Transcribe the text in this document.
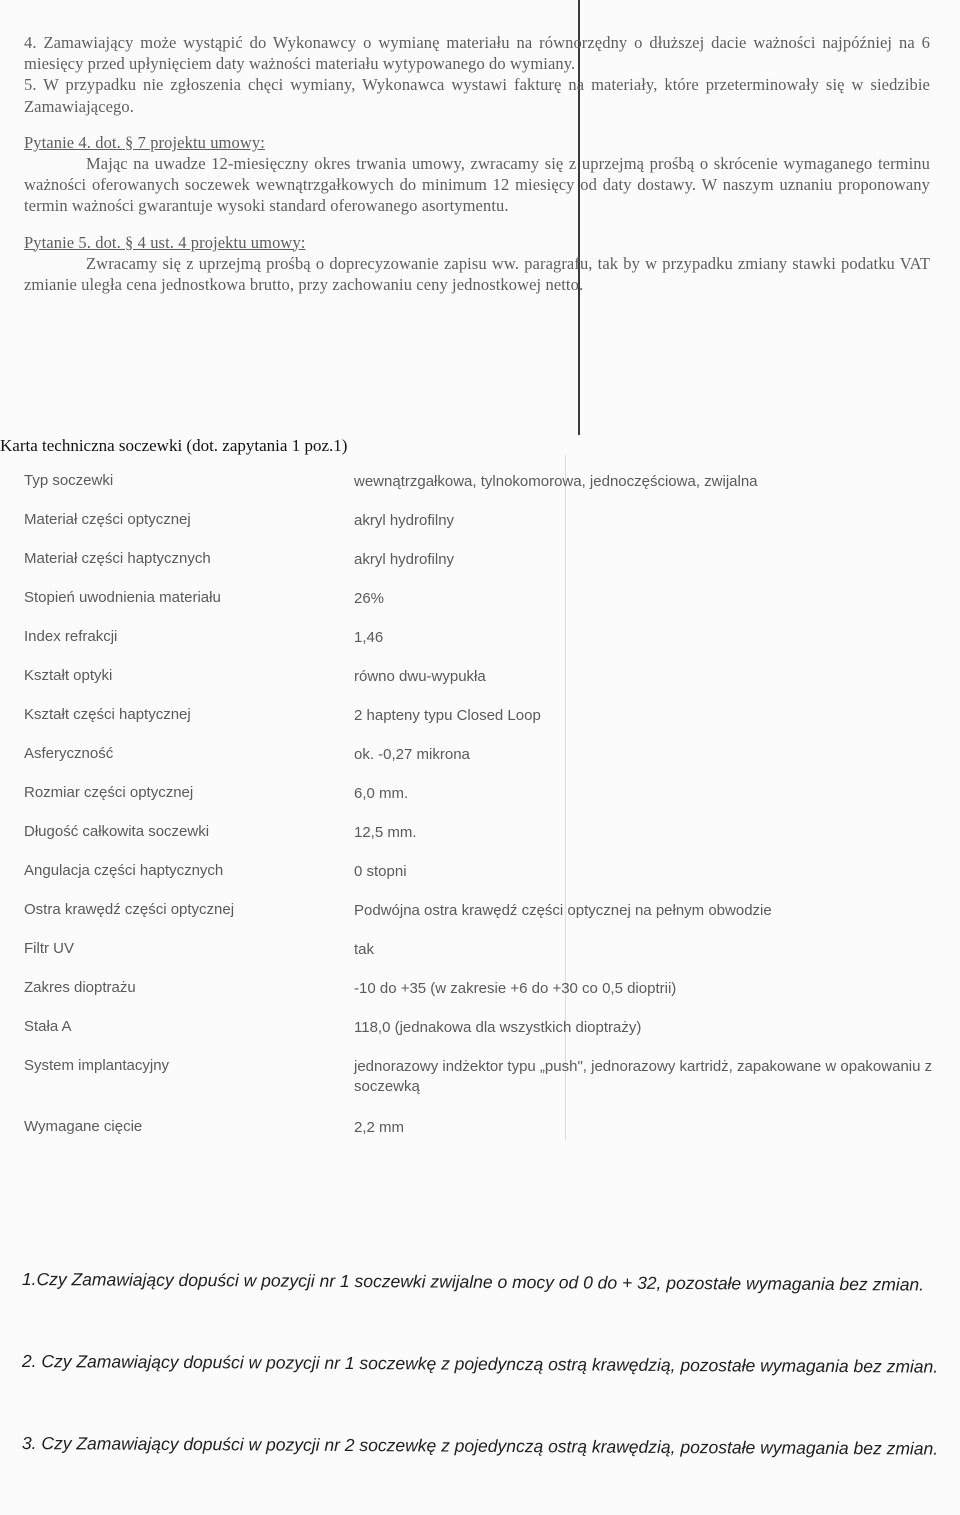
4. Zamawiający może wystąpić do Wykonawcy o wymianę materiału na równorzędny o dłuższej dacie ważności najpóźniej na 6 miesięcy przed upłynięciem daty ważności materiału wytypowanego do wymiany.

5. W przypadku nie zgłoszenia chęci wymiany, Wykonawca wystawi fakturę na materiały, które przeterminowały się w siedzibie Zamawiającego.

Pytanie 4. dot. § 7 projektu umowy:

Mając na uwadze 12-miesięczny okres trwania umowy, zwracamy się z uprzejmą prośbą o skrócenie wymaganego terminu ważności oferowanych soczewek wewnątrzgałkowych do minimum 12 miesięcy od daty dostawy. W naszym uznaniu proponowany termin ważności gwarantuje wysoki standard oferowanego asortymentu.

Pytanie 5. dot. § 4 ust. 4 projektu umowy:

Zwracamy się z uprzejmą prośbą o doprecyzowanie zapisu ww. paragrafu, tak by w przypadku zmiany stawki podatku VAT zmianie uległa cena jednostkowa brutto, przy zachowaniu ceny jednostkowej netto.

Karta techniczna soczewki (dot. zapytania 1 poz.1)
Typ soczewki	wewnątrzgałkowa, tylnokomorowa, jednoczęściowa, zwijalna
Materiał części optycznej	akryl hydrofilny
Materiał części haptycznych	akryl hydrofilny
Stopień uwodnienia materiału	26%
Index refrakcji	1,46
Kształt optyki	równo dwu-wypukła
Kształt części haptycznej	2 hapteny typu Closed Loop
Asferyczność	ok. -0,27 mikrona
Rozmiar części optycznej	6,0 mm.
Długość całkowita soczewki	12,5 mm.
Angulacja części haptycznych	0 stopni
Ostra krawędź części optycznej	Podwójna ostra krawędź części optycznej na pełnym obwodzie
Filtr UV	tak
Zakres dioptrażu	-10 do +35 (w zakresie +6 do +30 co 0,5 dioptrii)
Stała A	118,0 (jednakowa dla wszystkich dioptraży)
System implantacyjny	jednorazowy indżektor typu „push", jednorazowy kartridż, zapakowane w opakowaniu z soczewką
Wymagane cięcie	2,2 mm
1.Czy Zamawiający dopuści w pozycji nr 1 soczewki zwijalne o mocy od 0 do + 32, pozostałe wymagania bez zmian.
2. Czy Zamawiający dopuści w pozycji nr 1 soczewkę z pojedynczą ostrą krawędzią, pozostałe wymagania bez zmian.
3. Czy Zamawiający dopuści w pozycji nr 2 soczewkę z pojedynczą ostrą krawędzią, pozostałe wymagania bez zmian.
